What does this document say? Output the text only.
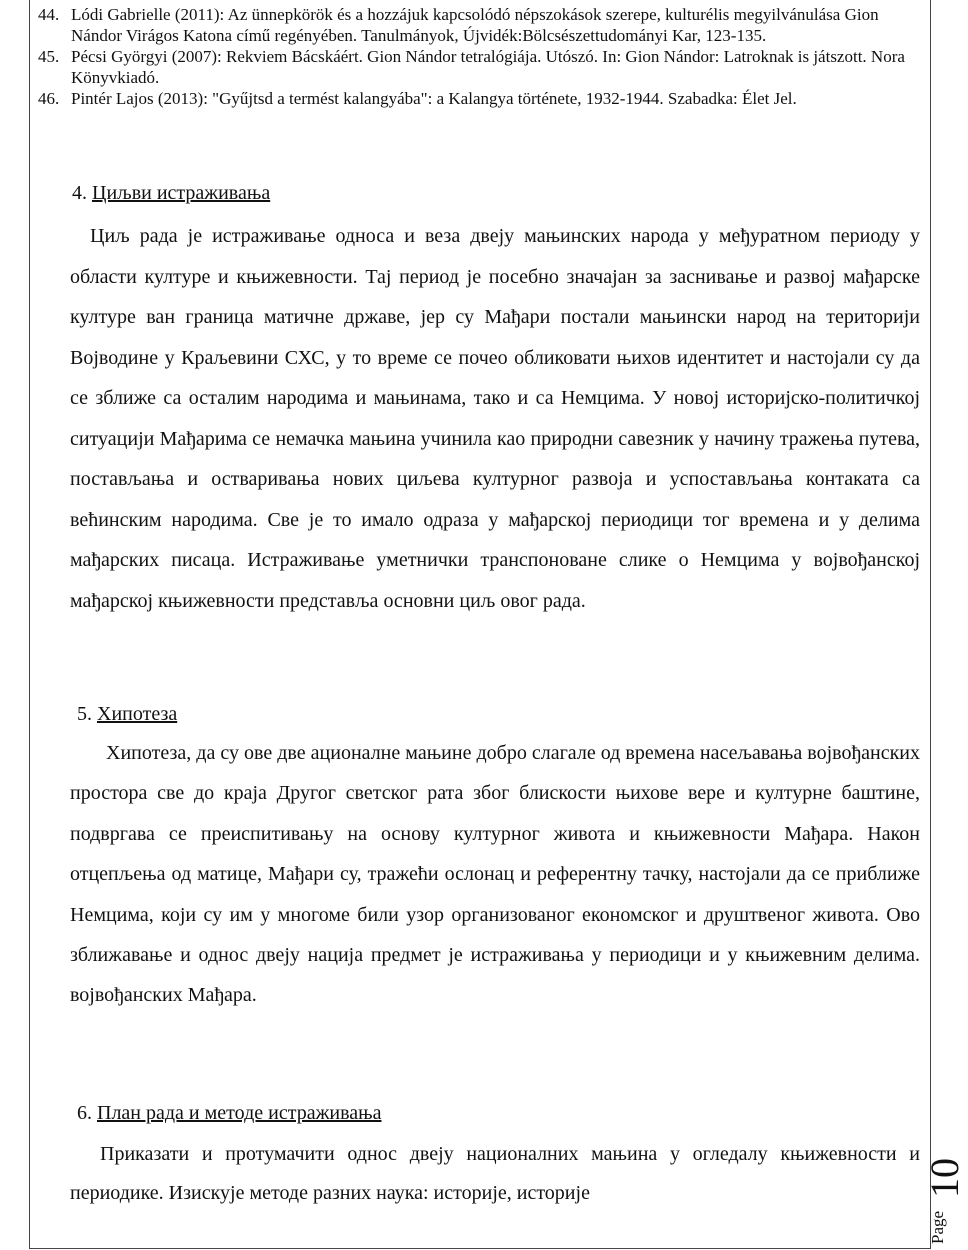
44. Lódi Gabrielle (2011): Az ünnepkörök és a hozzájuk kapcsolódó népszokások szerepe, kulturélis megyilvánulása Gion Nándor Virágos Katona című regényében. Tanulmányok, Újvidék:Bölcsészettudományi Kar, 123-135.
45. Pécsi Györgyi (2007): Rekviem Bácskáért. Gion Nándor tetralógiája. Utószó. In: Gion Nándor: Latroknak is játszott. Nora Könyvkiadó.
46. Pintér Lajos (2013): "Gyűjtsd a termést kalangyába": a Kalangya története, 1932-1944. Szabadka: Élet Jel.
4. Циљви истраживања

Циљ рада је истраживање односа и веза двеју мањинских народа у међуратном периоду у области културе и књижевности. Тај период је посебно значајан за заснивање и развој мађарске културе ван граница матичне државе, јер су Мађари постали мањински народ на територији Војводине у Краљевини СХС, у то време се почео обликовати њихов идентитет и настојали су да се зближе са осталим народима и мањинама, тако и са Немцима. У новој историјско-политичкој ситуацији Мађарима се немачка мањина учинила као природни савезник у начину тражења путева, постављања и остваривања нових циљева културног развоја и успостављања контаката са већинским народима. Све је то имало одраза у мађарској периодици тог времена и у делима мађарских писаца. Истраживање уметнички транспоноване слике о Немцима у војвођанској мађарској књижевности представља основни циљ овог рада.

5. Хипотеза

Хипотеза, да су ове две ационалне мањине добро слагале од времена насељавања војвођанских простора све до краја Другог светског рата због блискости њихове вере и културне баштине, подвргава се преиспитивању на основу културног живота и књижевности Мађара. Након отцепљења од матице, Мађари су, тражећи ослонац и референтну тачку, настојали да се приближе Немцима, који су им у многоме били узор организованог економског и друштвеног живота. Ово зближавање и однос двеју нација предмет је истраживања у периодици и у књижевним делима. војвођанских Мађара.

6. План рада и методе истраживања

Приказати и протумачити однос двеју националних мањина у огледалу књижевности и периодике. Изискује методе разних наука: историје, историје

Page
10
